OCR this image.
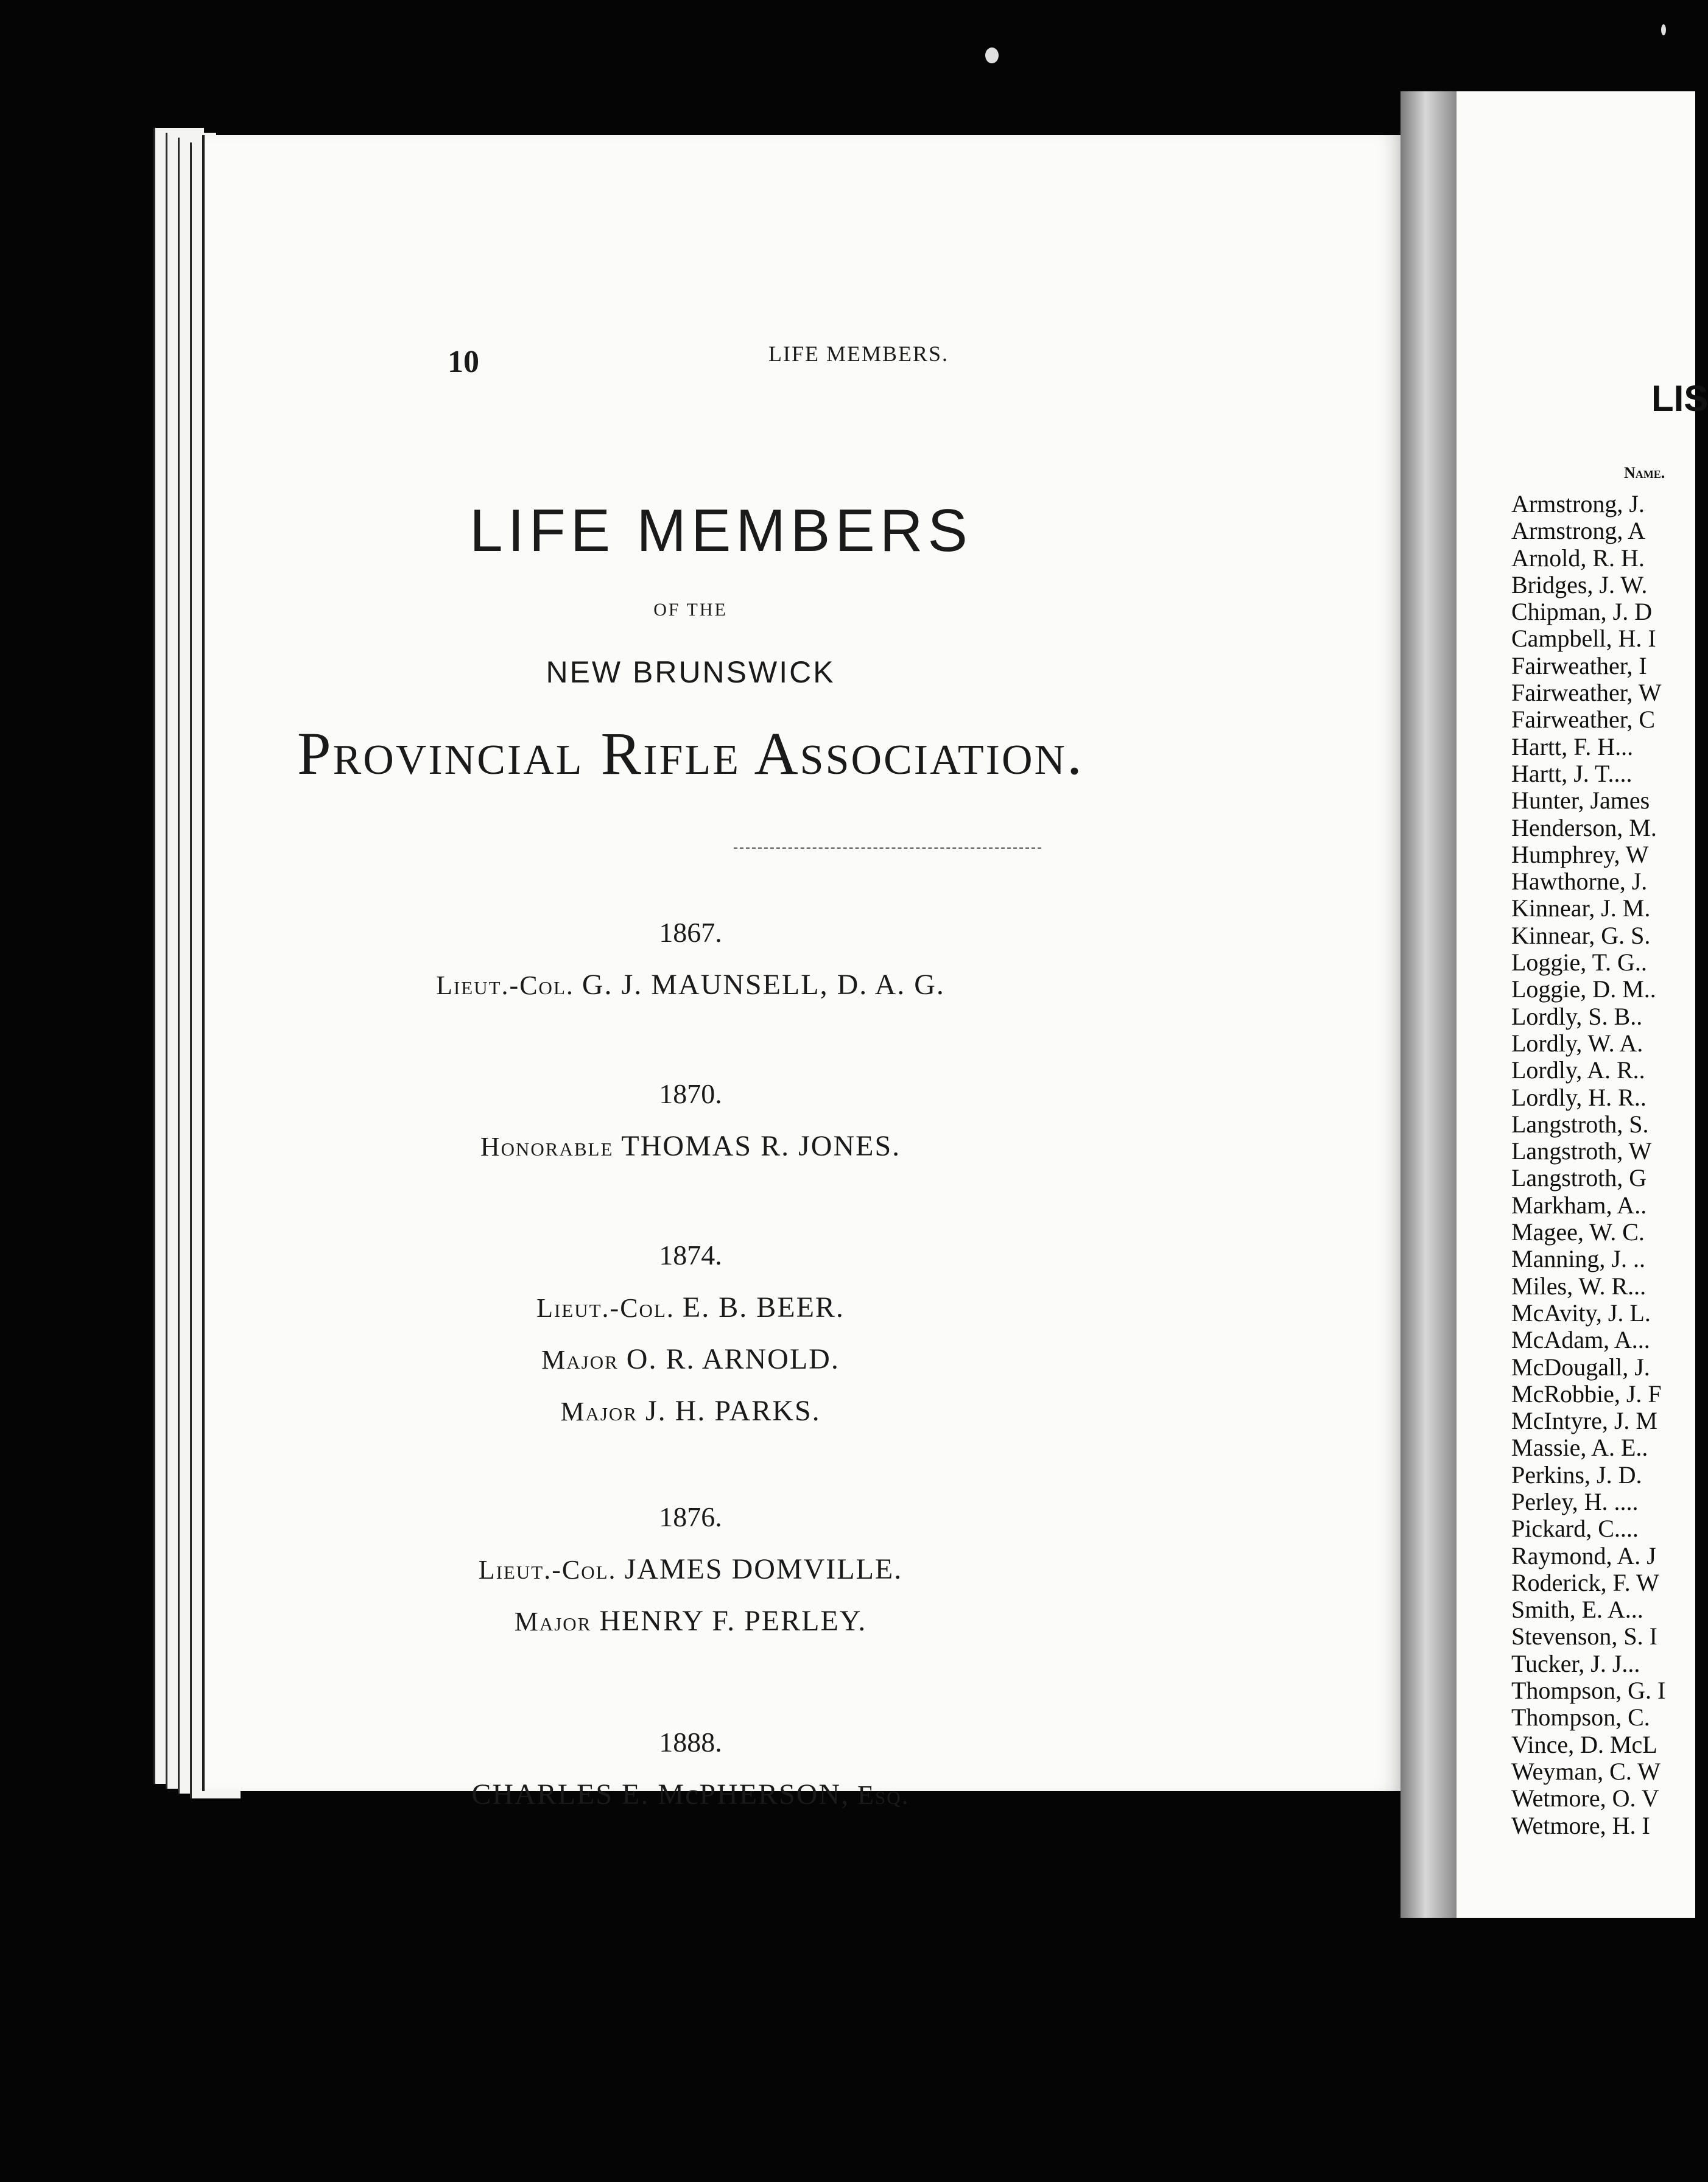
LIS
Name.
Armstrong, J.
Armstrong, A
Arnold, R. H.
Bridges, J. W.
Chipman, J. D
Campbell, H. I
Fairweather, I
Fairweather, W
Fairweather, C
Hartt, F. H...
Hartt, J. T....
Hunter, James
Henderson, M.
Humphrey, W
Hawthorne, J.
Kinnear, J. M.
Kinnear, G. S.
Loggie, T. G..
Loggie, D. M..
Lordly, S. B..
Lordly, W. A.
Lordly, A. R..
Lordly, H. R..
Langstroth, S.
Langstroth, W
Langstroth, G
Markham, A..
Magee, W. C.
Manning, J. ..
Miles, W. R...
McAvity, J. L.
McAdam, A...
McDougall, J.
McRobbie, J. F
McIntyre, J. M
Massie, A. E..
Perkins, J. D.
Perley, H. ....
Pickard, C....
Raymond, A. J
Roderick, F. W
Smith, E. A...
Stevenson, S. I
Tucker, J. J...
Thompson, G. I
Thompson, C.
Vince, D. McL
Weyman, C. W
Wetmore, O. V
Wetmore, H. I
10	LIFE MEMBERS.
LIFE MEMBERS
OF THE
NEW BRUNSWICK
Provincial Rifle Association.
1867.
Lieut.-Col. G. J. MAUNSELL, D. A. G.
1870.
Honorable THOMAS R. JONES.
1874.
Lieut.-Col. E. B. BEER.
Major O. R. ARNOLD.
Major J. H. PARKS.
1876.
Lieut.-Col. JAMES DOMVILLE.
Major HENRY F. PERLEY.
1888.
CHARLES E. McPHERSON, Esq.
